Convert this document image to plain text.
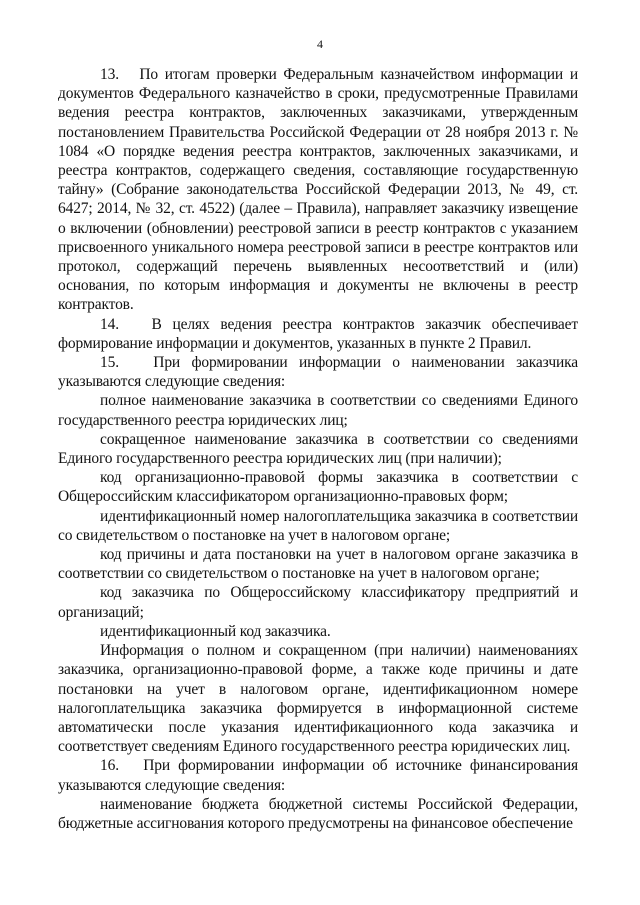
4

13.   По итогам проверки Федеральным казначейством информации и документов Федерального казначейство в сроки, предусмотренные Правилами ведения реестра контрактов, заключенных заказчиками, утвержденным постановлением Правительства Российской Федерации от 28 ноября 2013 г. № 1084 «О порядке ведения реестра контрактов, заключенных заказчиками, и реестра контрактов, содержащего сведения, составляющие государственную тайну» (Собрание законодательства Российской Федерации 2013, № 49, ст. 6427; 2014, № 32, ст. 4522) (далее – Правила), направляет заказчику извещение о включении (обновлении) реестровой записи в реестр контрактов с указанием присвоенного уникального номера реестровой записи в реестре контрактов или протокол, содержащий перечень выявленных несоответствий и (или) основания, по которым информация и документы не включены в реестр контрактов.

14.   В целях ведения реестра контрактов заказчик обеспечивает формирование информации и документов, указанных в пункте 2 Правил.

15.   При формировании информации о наименовании заказчика указываются следующие сведения:

полное наименование заказчика в соответствии со сведениями Единого государственного реестра юридических лиц;

сокращенное наименование заказчика в соответствии со сведениями Единого государственного реестра юридических лиц (при наличии);

код организационно-правовой формы заказчика в соответствии с Общероссийским классификатором организационно-правовых форм;

идентификационный номер налогоплательщика заказчика в соответствии со свидетельством о постановке на учет в налоговом органе;

код причины и дата постановки на учет в налоговом органе заказчика в соответствии со свидетельством о постановке на учет в налоговом органе;

код заказчика по Общероссийскому классификатору предприятий и организаций;

идентификационный код заказчика.

Информация о полном и сокращенном (при наличии) наименованиях заказчика, организационно-правовой форме, а также коде причины и дате постановки на учет в налоговом органе, идентификационном номере налогоплательщика заказчика формируется в информационной системе автоматически после указания идентификационного кода заказчика и соответствует сведениям Единого государственного реестра юридических лиц.

16.   При формировании информации об источнике финансирования указываются следующие сведения:

наименование бюджета бюджетной системы Российской Федерации, бюджетные ассигнования которого предусмотрены на финансовое обеспечение
